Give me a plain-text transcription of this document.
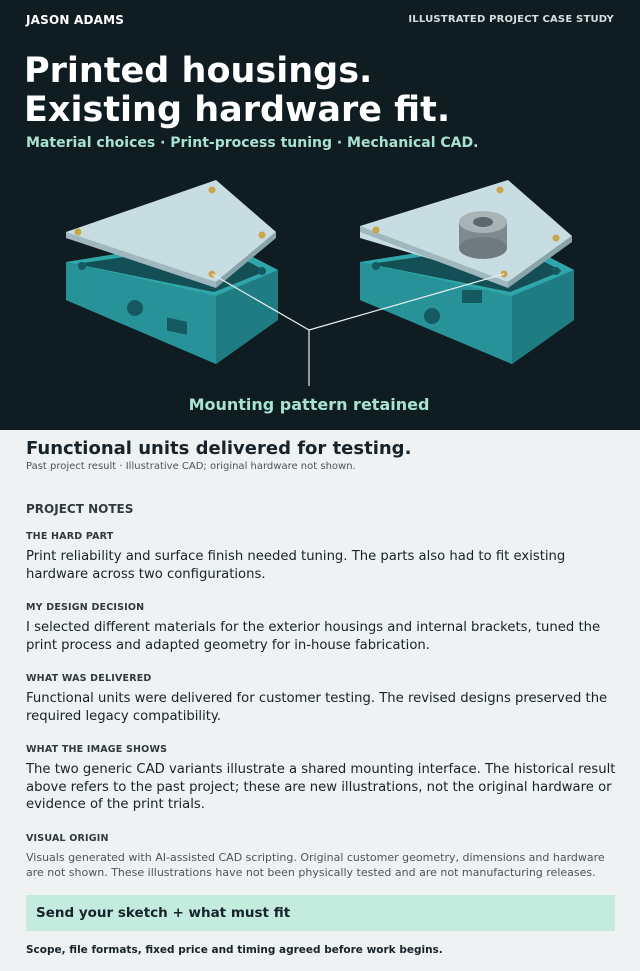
JASON ADAMS	ILLUSTRATED PROJECT CASE STUDY
Printed housings.
Existing hardware fit.
Material choices · Print-process tuning · Mechanical CAD.
Mounting pattern retained
Functional units delivered for testing.
Past project result · Illustrative CAD; original hardware not shown.
PROJECT NOTES
THE HARD PART
Print reliability and surface finish needed tuning. The parts also had to fit existing hardware across two configurations.
MY DESIGN DECISION
I selected different materials for the exterior housings and internal brackets, tuned the print process and adapted geometry for in-house fabrication.
WHAT WAS DELIVERED
Functional units were delivered for customer testing. The revised designs preserved the required legacy compatibility.
WHAT THE IMAGE SHOWS
The two generic CAD variants illustrate a shared mounting interface. The historical result above refers to the past project; these are new illustrations, not the original hardware or evidence of the print trials.
VISUAL ORIGIN
Visuals generated with AI-assisted CAD scripting. Original customer geometry, dimensions and hardware are not shown. These illustrations have not been physically tested and are not manufacturing releases.
Send your sketch + what must fit
Scope, file formats, fixed price and timing agreed before work begins.
